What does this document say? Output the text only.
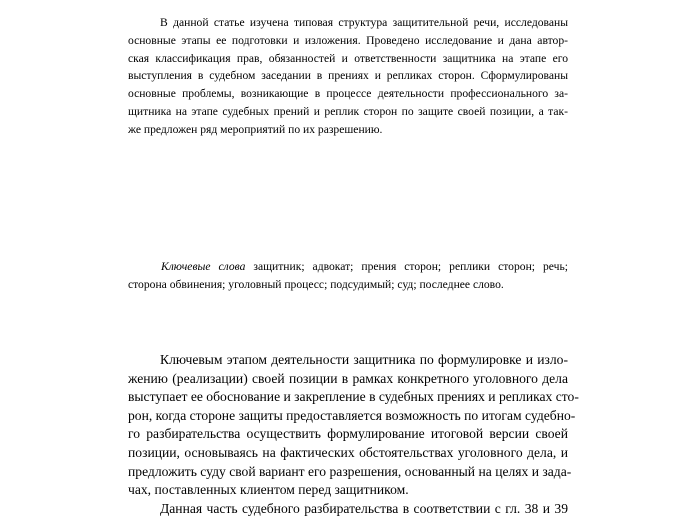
В данной статье изучена типовая структура защитительной речи, исследованы
основные этапы ее подготовки и изложения. Проведено исследование и дана автор-
ская классификация прав, обязанностей и ответственности защитника на этапе его
выступления в судебном заседании в прениях и репликах сторон. Сформулированы
основные проблемы, возникающие в процессе деятельности профессионального за-
щитника на этапе судебных прений и реплик сторон по защите своей позиции, а так-
же предложен ряд мероприятий по их разрешению.
Ключевые слова защитник; адвокат; прения сторон; реплики сторон; речь;
сторона обвинения; уголовный процесс; подсудимый; суд; последнее слово.
Ключевым этапом деятельности защитника по формулировке и изло-
жению (реализации) своей позиции в рамках конкретного уголовного дела
выступает ее обоснование и закрепление в судебных прениях и репликах сто-
рон, когда стороне защиты предоставляется возможность по итогам судебно-
го разбирательства осуществить формулирование итоговой версии своей
позиции, основываясь на фактических обстоятельствах уголовного дела, и
предложить суду свой вариант его разрешения, основанный на целях и задa-
чах, поставленных клиентом перед защитником.
Данная часть судебного разбирательства в соответствии с гл. 38 и 39
